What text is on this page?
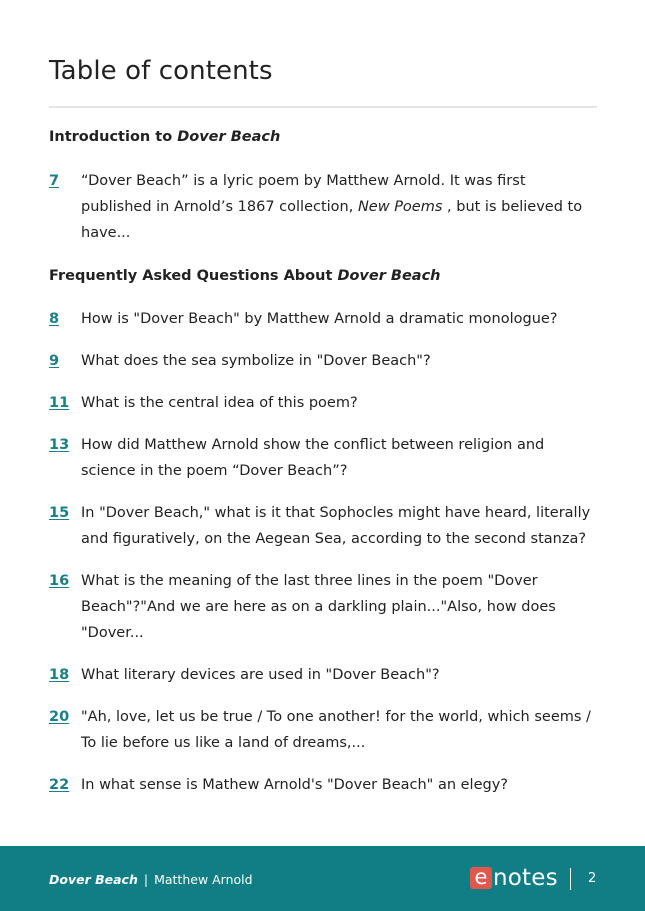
Table of contents
Introduction to Dover Beach
7	“Dover Beach” is a lyric poem by Matthew Arnold. It was first published in Arnold’s 1867 collection, New Poems , but is believed to have...
Frequently Asked Questions About Dover Beach
8	How is "Dover Beach" by Matthew Arnold a dramatic monologue?
9	What does the sea symbolize in "Dover Beach"?
11 What is the central idea of this poem?
13 How did Matthew Arnold show the conflict between religion and science in the poem “Dover Beach”?
15 In "Dover Beach," what is it that Sophocles might have heard, literally and figuratively, on the Aegean Sea, according to the second stanza?
16 What is the meaning of the last three lines in the poem "Dover Beach"?"And we are here as on a darkling plain..."Also, how does "Dover...
18 What literary devices are used in "Dover Beach"?
20 "Ah, love, let us be true / To one another! for the world, which seems / To lie before us like a land of dreams,...
22 In what sense is Mathew Arnold's "Dover Beach" an elegy?
Dover Beach | Matthew Arnold	e notes 2
